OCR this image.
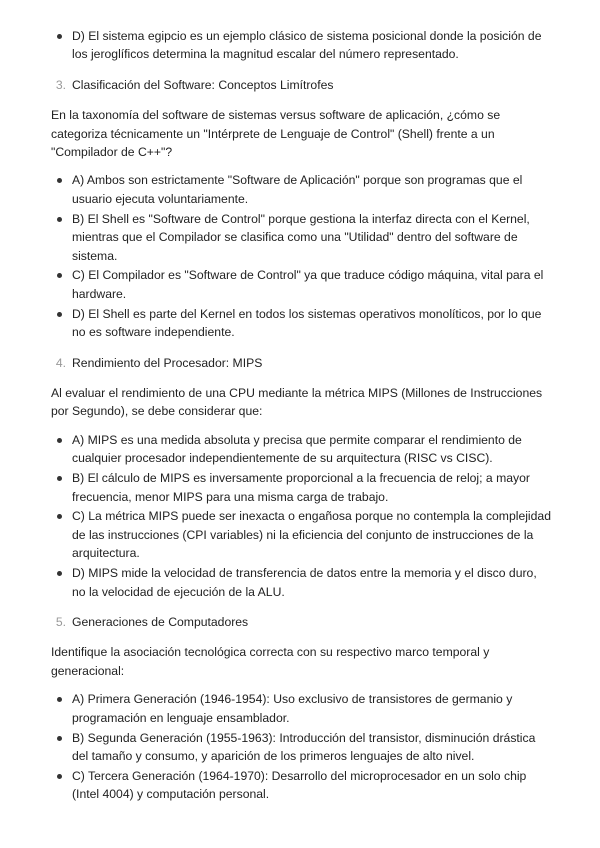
D) El sistema egipcio es un ejemplo clásico de sistema posicional donde la posición de los jeroglíficos determina la magnitud escalar del número representado.
3. Clasificación del Software: Conceptos Limítrofes

En la taxonomía del software de sistemas versus software de aplicación, ¿cómo se categoriza técnicamente un "Intérprete de Lenguaje de Control" (Shell) frente a un "Compilador de C++"?

A) Ambos son estrictamente "Software de Aplicación" porque son programas que el usuario ejecuta voluntariamente.
B) El Shell es "Software de Control" porque gestiona la interfaz directa con el Kernel, mientras que el Compilador se clasifica como una "Utilidad" dentro del software de sistema.
C) El Compilador es "Software de Control" ya que traduce código máquina, vital para el hardware.
D) El Shell es parte del Kernel en todos los sistemas operativos monolíticos, por lo que no es software independiente.
4. Rendimiento del Procesador: MIPS

Al evaluar el rendimiento de una CPU mediante la métrica MIPS (Millones de Instrucciones por Segundo), se debe considerar que:

A) MIPS es una medida absoluta y precisa que permite comparar el rendimiento de cualquier procesador independientemente de su arquitectura (RISC vs CISC).
B) El cálculo de MIPS es inversamente proporcional a la frecuencia de reloj; a mayor frecuencia, menor MIPS para una misma carga de trabajo.
C) La métrica MIPS puede ser inexacta o engañosa porque no contempla la complejidad de las instrucciones (CPI variables) ni la eficiencia del conjunto de instrucciones de la arquitectura.
D) MIPS mide la velocidad de transferencia de datos entre la memoria y el disco duro, no la velocidad de ejecución de la ALU.
5. Generaciones de Computadores

Identifique la asociación tecnológica correcta con su respectivo marco temporal y generacional:

A) Primera Generación (1946-1954): Uso exclusivo de transistores de germanio y programación en lenguaje ensamblador.
B) Segunda Generación (1955-1963): Introducción del transistor, disminución drástica del tamaño y consumo, y aparición de los primeros lenguajes de alto nivel.
C) Tercera Generación (1964-1970): Desarrollo del microprocesador en un solo chip (Intel 4004) y computación personal.
